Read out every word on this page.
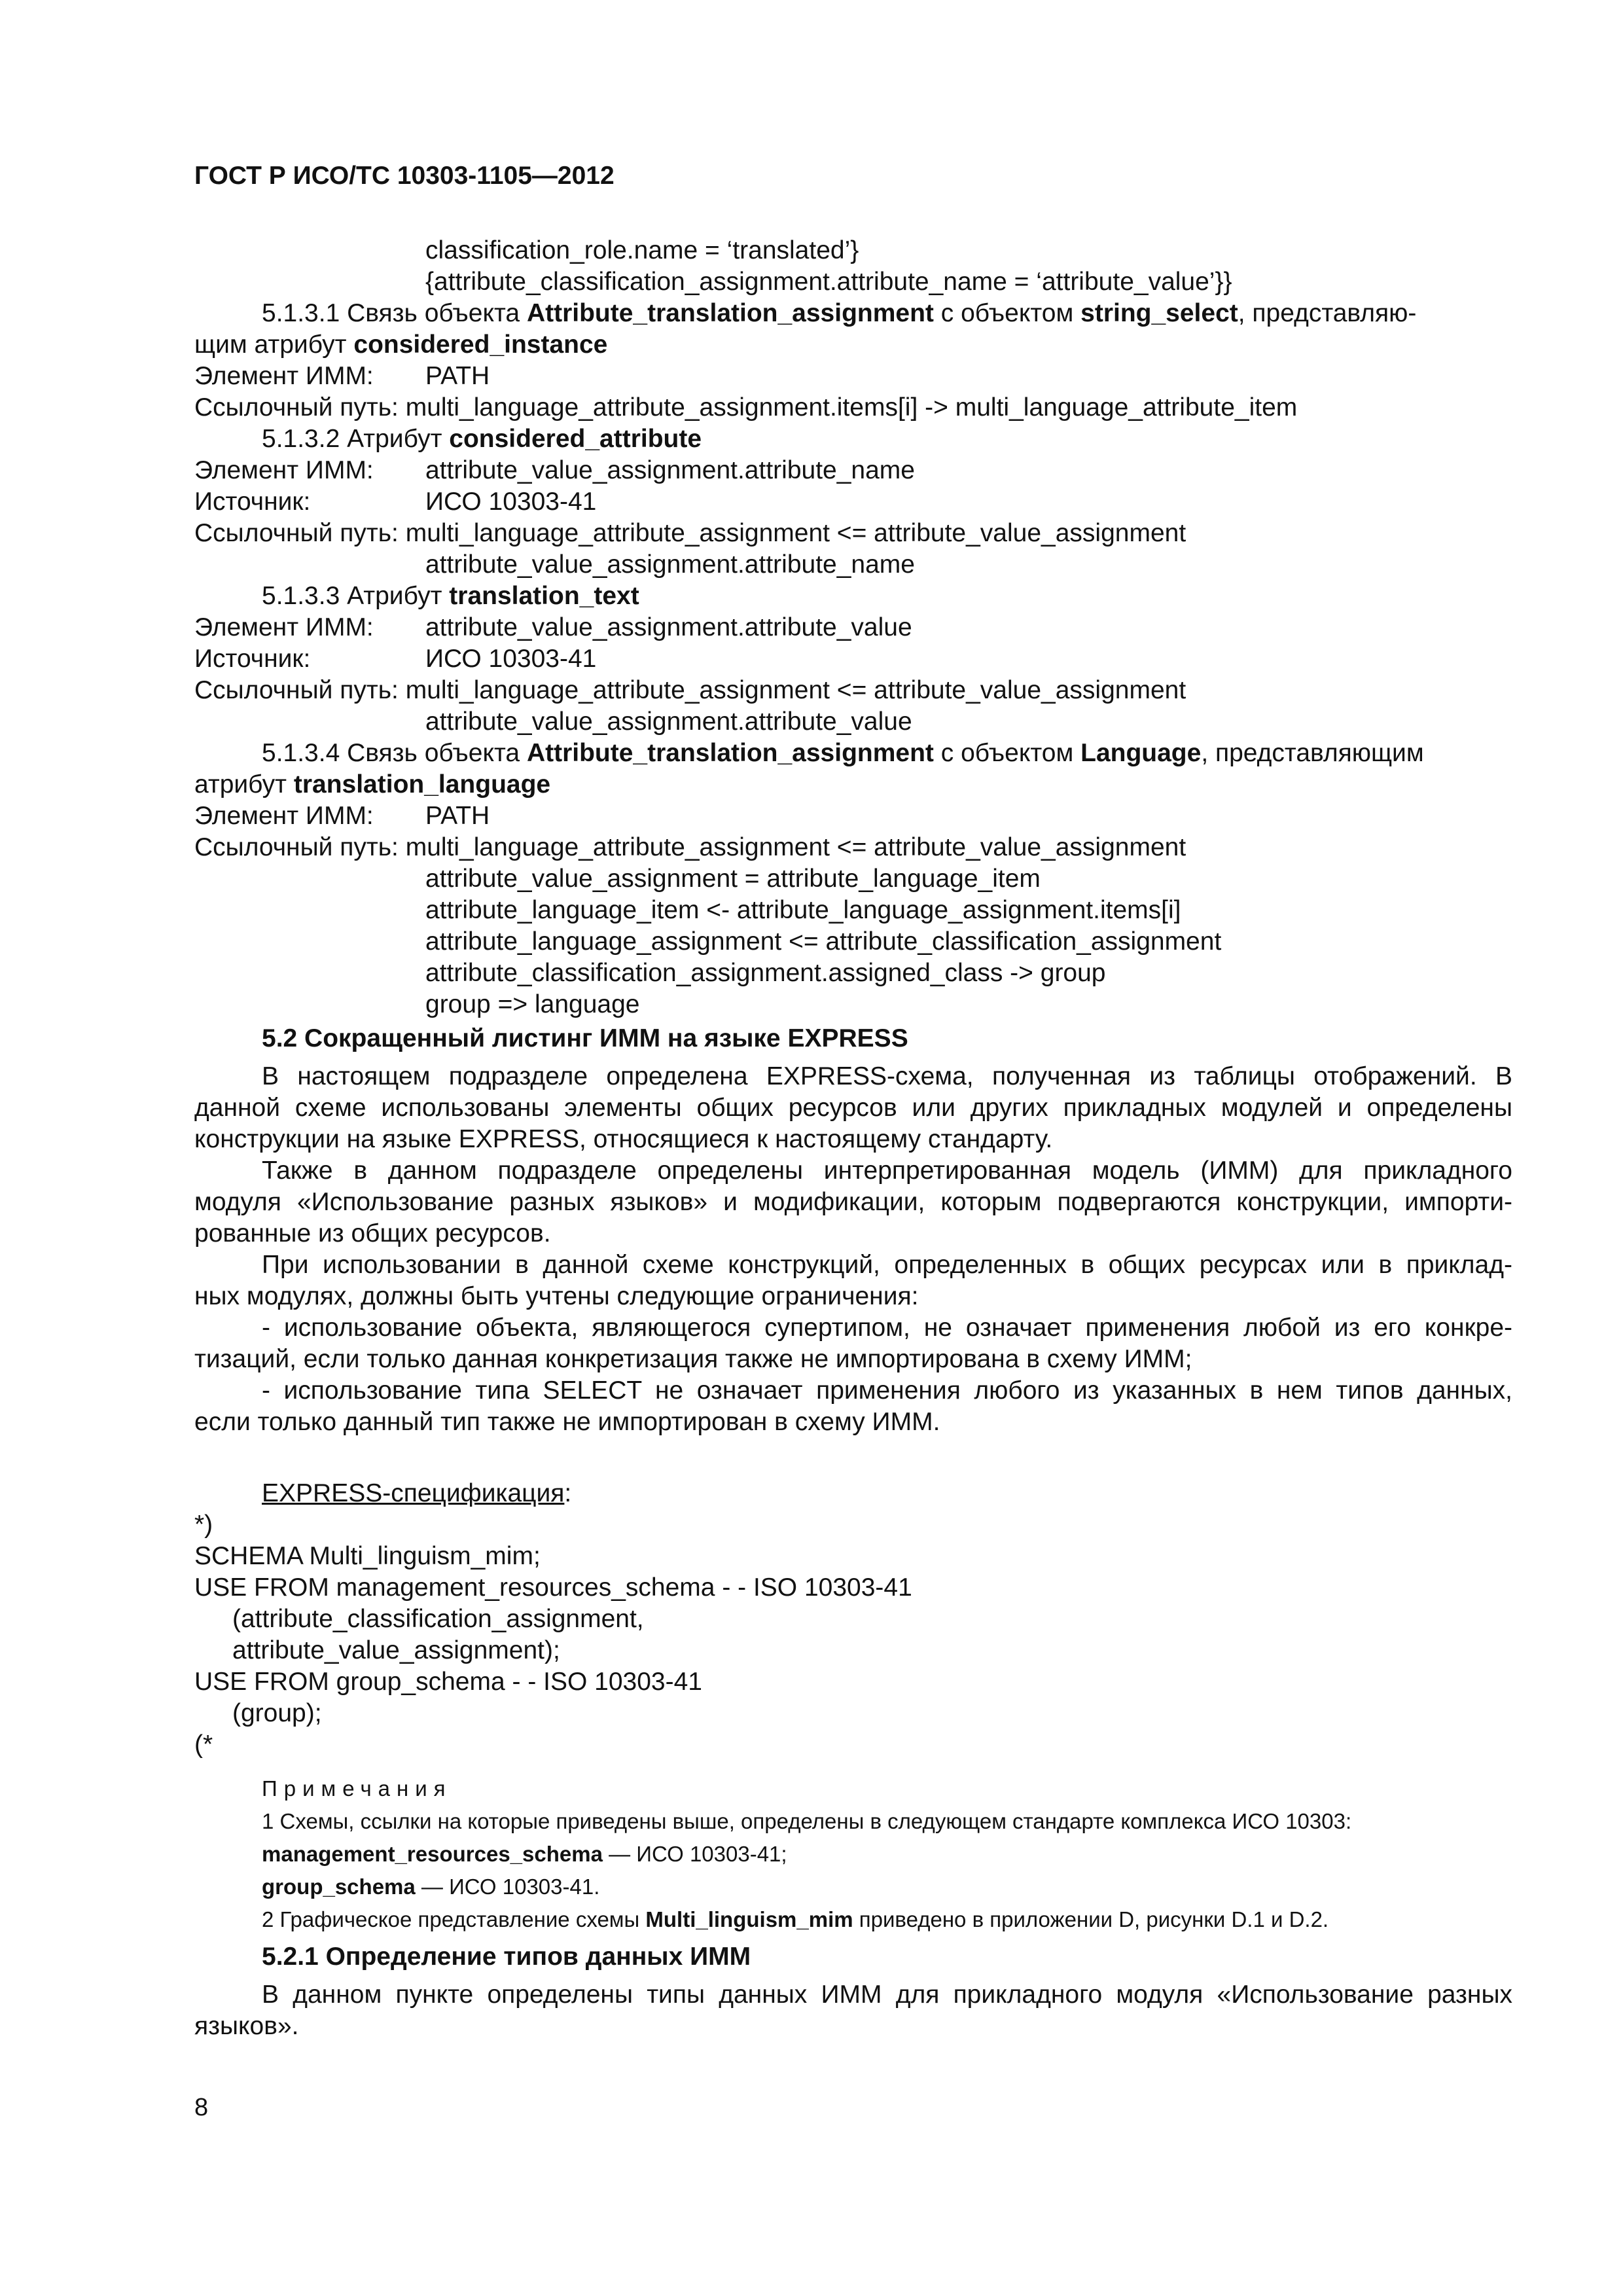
ГОСТ Р ИСО/ТС 10303-1105—2012
classification_role.name = ‘translated’}
{attribute_classification_assignment.attribute_name = ‘attribute_value’}}
5.1.3.1 Связь объекта Attribute_translation_assignment с объектом string_select, представляю-
щим атрибут considered_instance
Элемент ИММ: PATH
Ссылочный путь: multi_language_attribute_assignment.items[i] -> multi_language_attribute_item
5.1.3.2 Атрибут considered_attribute
Элемент ИММ: attribute_value_assignment.attribute_name
Источник:	ИСО 10303-41
Ссылочный путь: multi_language_attribute_assignment <= attribute_value_assignment
attribute_value_assignment.attribute_name
5.1.3.3 Атрибут translation_text
Элемент ИММ: attribute_value_assignment.attribute_value
Источник:	ИСО 10303-41
Ссылочный путь: multi_language_attribute_assignment <= attribute_value_assignment
attribute_value_assignment.attribute_value
5.1.3.4 Связь объекта Attribute_translation_assignment с объектом Language, представляющим
атрибут translation_language
Элемент ИММ: PATH
Ссылочный путь: multi_language_attribute_assignment <= attribute_value_assignment
attribute_value_assignment = attribute_language_item
attribute_language_item <- attribute_language_assignment.items[i]
attribute_language_assignment <= attribute_classification_assignment
attribute_classification_assignment.assigned_class -> group
group => language
5.2 Сокращенный листинг ИММ на языке EXPRESS
В настоящем подразделе определена EXPRESS-схема, полученная из таблицы отображений. В
данной схеме использованы элементы общих ресурсов или других прикладных модулей и определены
конструкции на языке EXPRESS, относящиеся к настоящему стандарту.
Также в данном подразделе определены интерпретированная модель (ИММ) для прикладного
модуля «Использование разных языков» и модификации, которым подвергаются конструкции, импорти-
рованные из общих ресурсов.
При использовании в данной схеме конструкций, определенных в общих ресурсах или в приклад-
ных модулях, должны быть учтены следующие ограничения:
- использование объекта, являющегося супертипом, не означает применения любой из его конкре-
тизаций, если только данная конкретизация также не импортирована в схему ИММ;
- использование типа SELECT не означает применения любого из указанных в нем типов данных,
если только данный тип также не импортирован в схему ИММ.
EXPRESS-спецификация:
*)
SCHEMA Multi_linguism_mim;
USE FROM management_resources_schema - - ISO 10303-41
(attribute_classification_assignment,
attribute_value_assignment);
USE FROM group_schema - - ISO 10303-41
(group);
(*
Примечания
1 Схемы, ссылки на которые приведены выше, определены в следующем стандарте комплекса ИСО 10303:
management_resources_schema — ИСО 10303-41;
group_schema — ИСО 10303-41.
2 Графическое представление схемы Multi_linguism_mim приведено в приложении D, рисунки D.1 и D.2.
5.2.1 Определение типов данных ИММ
В данном пункте определены типы данных ИММ для прикладного модуля «Использование разных
языков».
8
